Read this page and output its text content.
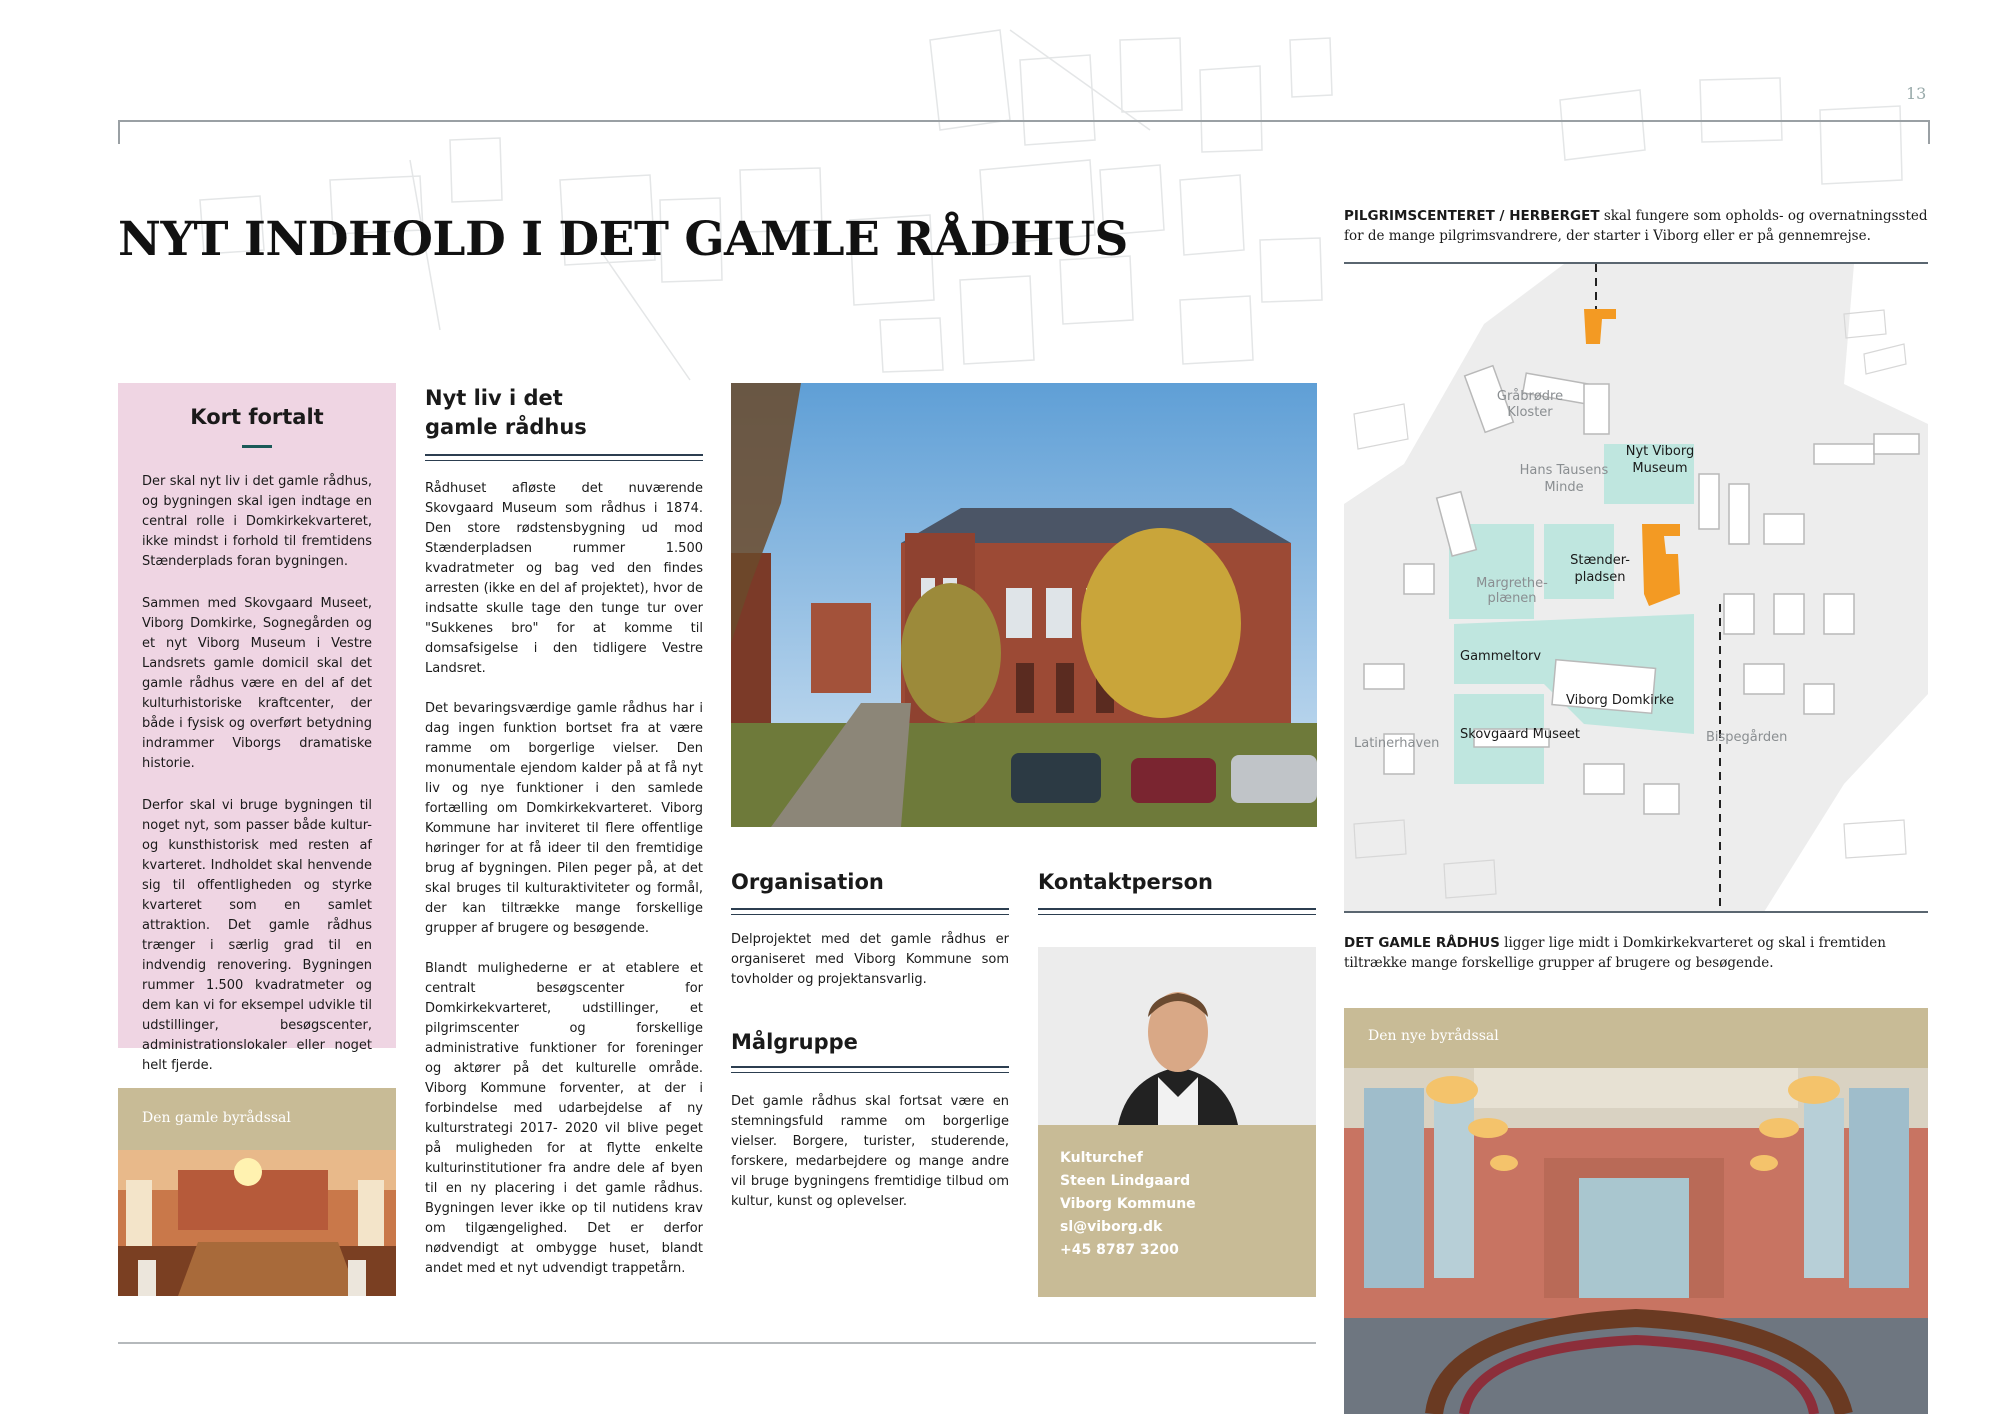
13
NYT INDHOLD I DET GAMLE RÅDHUS
Kort fortalt

Der skal nyt liv i det gamle rådhus, og bygningen skal igen indtage en central rolle i Domkirkekvarteret, ikke mindst i forhold til fremtidens Stænderplads foran bygningen.

Sammen med Skovgaard Museet, Viborg Domkirke, Sognegården og et nyt Viborg Museum i Vestre Landsrets gamle domicil skal det gamle rådhus være en del af det kulturhistoriske kraftcenter, der både i fysisk og overført betydning indrammer Viborgs dramatiske historie.

Derfor skal vi bruge bygningen til noget nyt, som passer både kultur- og kunsthistorisk med resten af kvarteret. Indholdet skal henvende sig til offentligheden og styrke kvarteret som en samlet attraktion. Det gamle rådhus trænger i særlig grad til en indvendig renovering. Bygningen rummer 1.500 kvadratmeter og dem kan vi for eksempel udvikle til udstillinger, besøgscenter, administrationslokaler eller noget helt fjerde.

Den gamle byrådssal
Nyt liv i det
gamle rådhus

Rådhuset afløste det nuværende Skovgaard Museum som rådhus i 1874. Den store rødstensbygning ud mod Stænderpladsen rummer 1.500 kvadratmeter og bag ved den findes arresten (ikke en del af projektet), hvor de indsatte skulle tage den tunge tur over "Sukkenes bro" for at komme til domsafsigelse i den tidligere Vestre Landsret.

Det bevaringsværdige gamle rådhus har i dag ingen funktion bortset fra at være ramme om borgerlige vielser. Den monumentale ejendom kalder på at få nyt liv og nye funktioner i den samlede fortælling om Domkirkekvarteret. Viborg Kommune har inviteret til flere offentlige høringer for at få ideer til den fremtidige brug af bygningen. Pilen peger på, at det skal bruges til kulturaktiviteter og formål, der kan tiltrække mange forskellige grupper af brugere og besøgende.

Blandt mulighederne er at etablere et centralt besøgscenter for Domkirkekvarteret, udstillinger, et pilgrimscenter og forskellige administrative funktioner for foreninger og aktører på det kulturelle område. Viborg Kommune forventer, at der i forbindelse med udarbejdelse af ny kulturstrategi 2017- 2020 vil blive peget på muligheden for at flytte enkelte kulturinstitutioner fra andre dele af byen til en ny placering i det gamle rådhus. Bygningen lever ikke op til nutidens krav om tilgængelighed. Det er derfor nødvendigt at ombygge huset, blandt andet med et nyt udvendigt trappetårn.

Organisation

Delprojektet med det gamle rådhus er organiseret med Viborg Kommune som tovholder og projektansvarlig.

Målgruppe

Det gamle rådhus skal fortsat være en stemningsfuld ramme om borgerlige vielser. Borgere, turister, studerende, forskere, medarbejdere og mange andre vil bruge bygningens fremtidige tilbud om kultur, kunst og oplevelser.

Kontaktperson
Kulturchef
Steen Lindgaard
Viborg Kommune
sl@viborg.dk
+45 8787 3200
PILGRIMSCENTERET / HERBERGET skal fungere som opholds- og overnatningssted for de mange pilgrimsvandrere, der starter i Viborg eller er på gennemrejse.
Gråbrødre
Kloster
Nyt Viborg
Museum
Hans Tausens
Minde
Stænder-
pladsen
Margrethe-
plænen
Gammeltorv
Viborg Domkirke
Latinerhaven
Skovgaard Museet	Bispegården
DET GAMLE RÅDHUS ligger lige midt i Domkirkekvarteret og skal i fremtiden tiltrække mange forskellige grupper af brugere og besøgende.
Den nye byrådssal
